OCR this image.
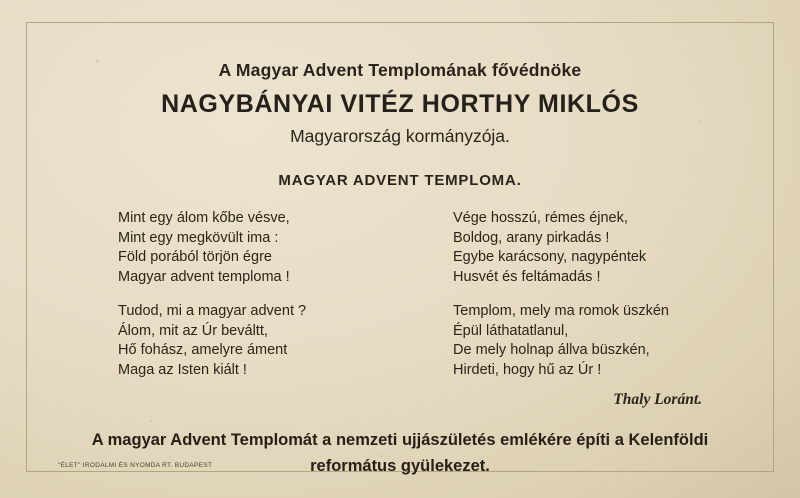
A Magyar Advent Templomának fővédnöke
NAGYBÁNYAI VITÉZ HORTHY MIKLÓS
Magyarország kormányzója.
MAGYAR ADVENT TEMPLOMA.
Mint egy álom kőbe vésve,
Mint egy megkövült ima :
Föld porából törjön égre
Magyar advent temploma !
Tudod, mi a magyar advent ?
Álom, mit az Úr beváltt,
Hő fohász, amelyre áment
Maga az Isten kiált !
Vége hosszú, rémes éjnek,
Boldog, arany pirkadás !
Egybe karácsony, nagypéntek
Husvét és feltámadás !
Templom, mely ma romok üszkén
Épül láthatatlanul,
De mely holnap állva büszkén,
Hirdeti, hogy hű az Úr !
Thaly Loránt.
A magyar Advent Templomát a nemzeti ujjászületés emlékére építi a Kelenföldi
református gyülekezet.
"ÉLET" IRODALMI ÉS NYOMDA RT. BUDAPEST
